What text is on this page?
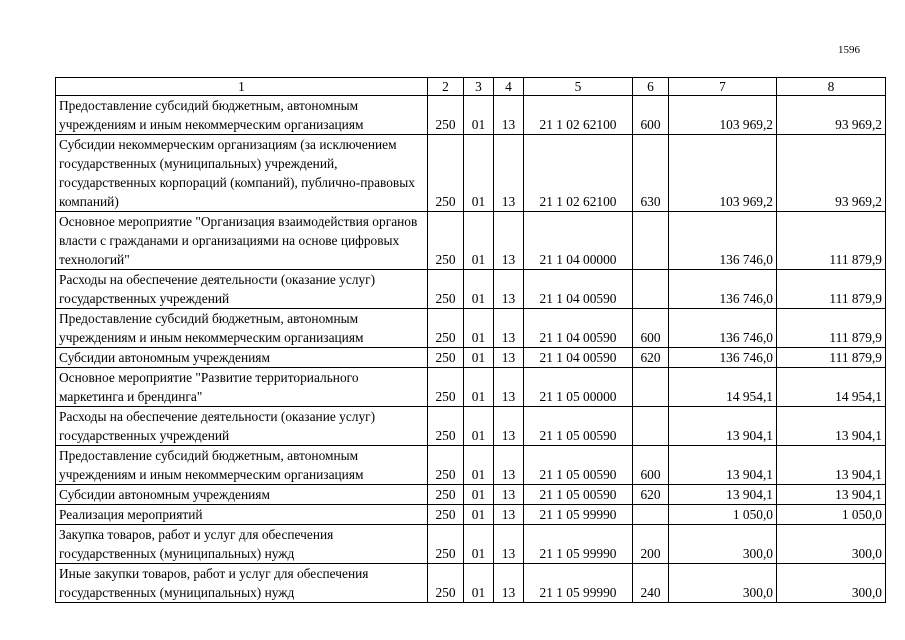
1596
1	2	3	4	5	6	7	8
Предоставление субсидий бюджетным, автономным учреждениям и иным некоммерческим организациям	250	01	13	21 1 02 62100	600	103 969,2	93 969,2
Субсидии некоммерческим организациям (за исключением государственных (муниципальных) учреждений, государственных корпораций (компаний), публично-правовых компаний)	250	01	13	21 1 02 62100	630	103 969,2	93 969,2
Основное мероприятие "Организация взаимодействия органов власти с гражданами и организациями на основе цифровых технологий"	250	01	13	21 1 04 00000		136 746,0	111 879,9
Расходы на обеспечение деятельности (оказание услуг) государственных учреждений	250	01	13	21 1 04 00590		136 746,0	111 879,9
Предоставление субсидий бюджетным, автономным учреждениям и иным некоммерческим организациям	250	01	13	21 1 04 00590	600	136 746,0	111 879,9
Субсидии автономным учреждениям	250	01	13	21 1 04 00590	620	136 746,0	111 879,9
Основное мероприятие "Развитие территориального маркетинга и брендинга"	250	01	13	21 1 05 00000		14 954,1	14 954,1
Расходы на обеспечение деятельности (оказание услуг) государственных учреждений	250	01	13	21 1 05 00590		13 904,1	13 904,1
Предоставление субсидий бюджетным, автономным учреждениям и иным некоммерческим организациям	250	01	13	21 1 05 00590	600	13 904,1	13 904,1
Субсидии автономным учреждениям	250	01	13	21 1 05 00590	620	13 904,1	13 904,1
Реализация мероприятий	250	01	13	21 1 05 99990		1 050,0	1 050,0
Закупка товаров, работ и услуг для обеспечения государственных (муниципальных) нужд	250	01	13	21 1 05 99990	200	300,0	300,0
Иные закупки товаров, работ и услуг для обеспечения государственных (муниципальных) нужд	250	01	13	21 1 05 99990	240	300,0	300,0
